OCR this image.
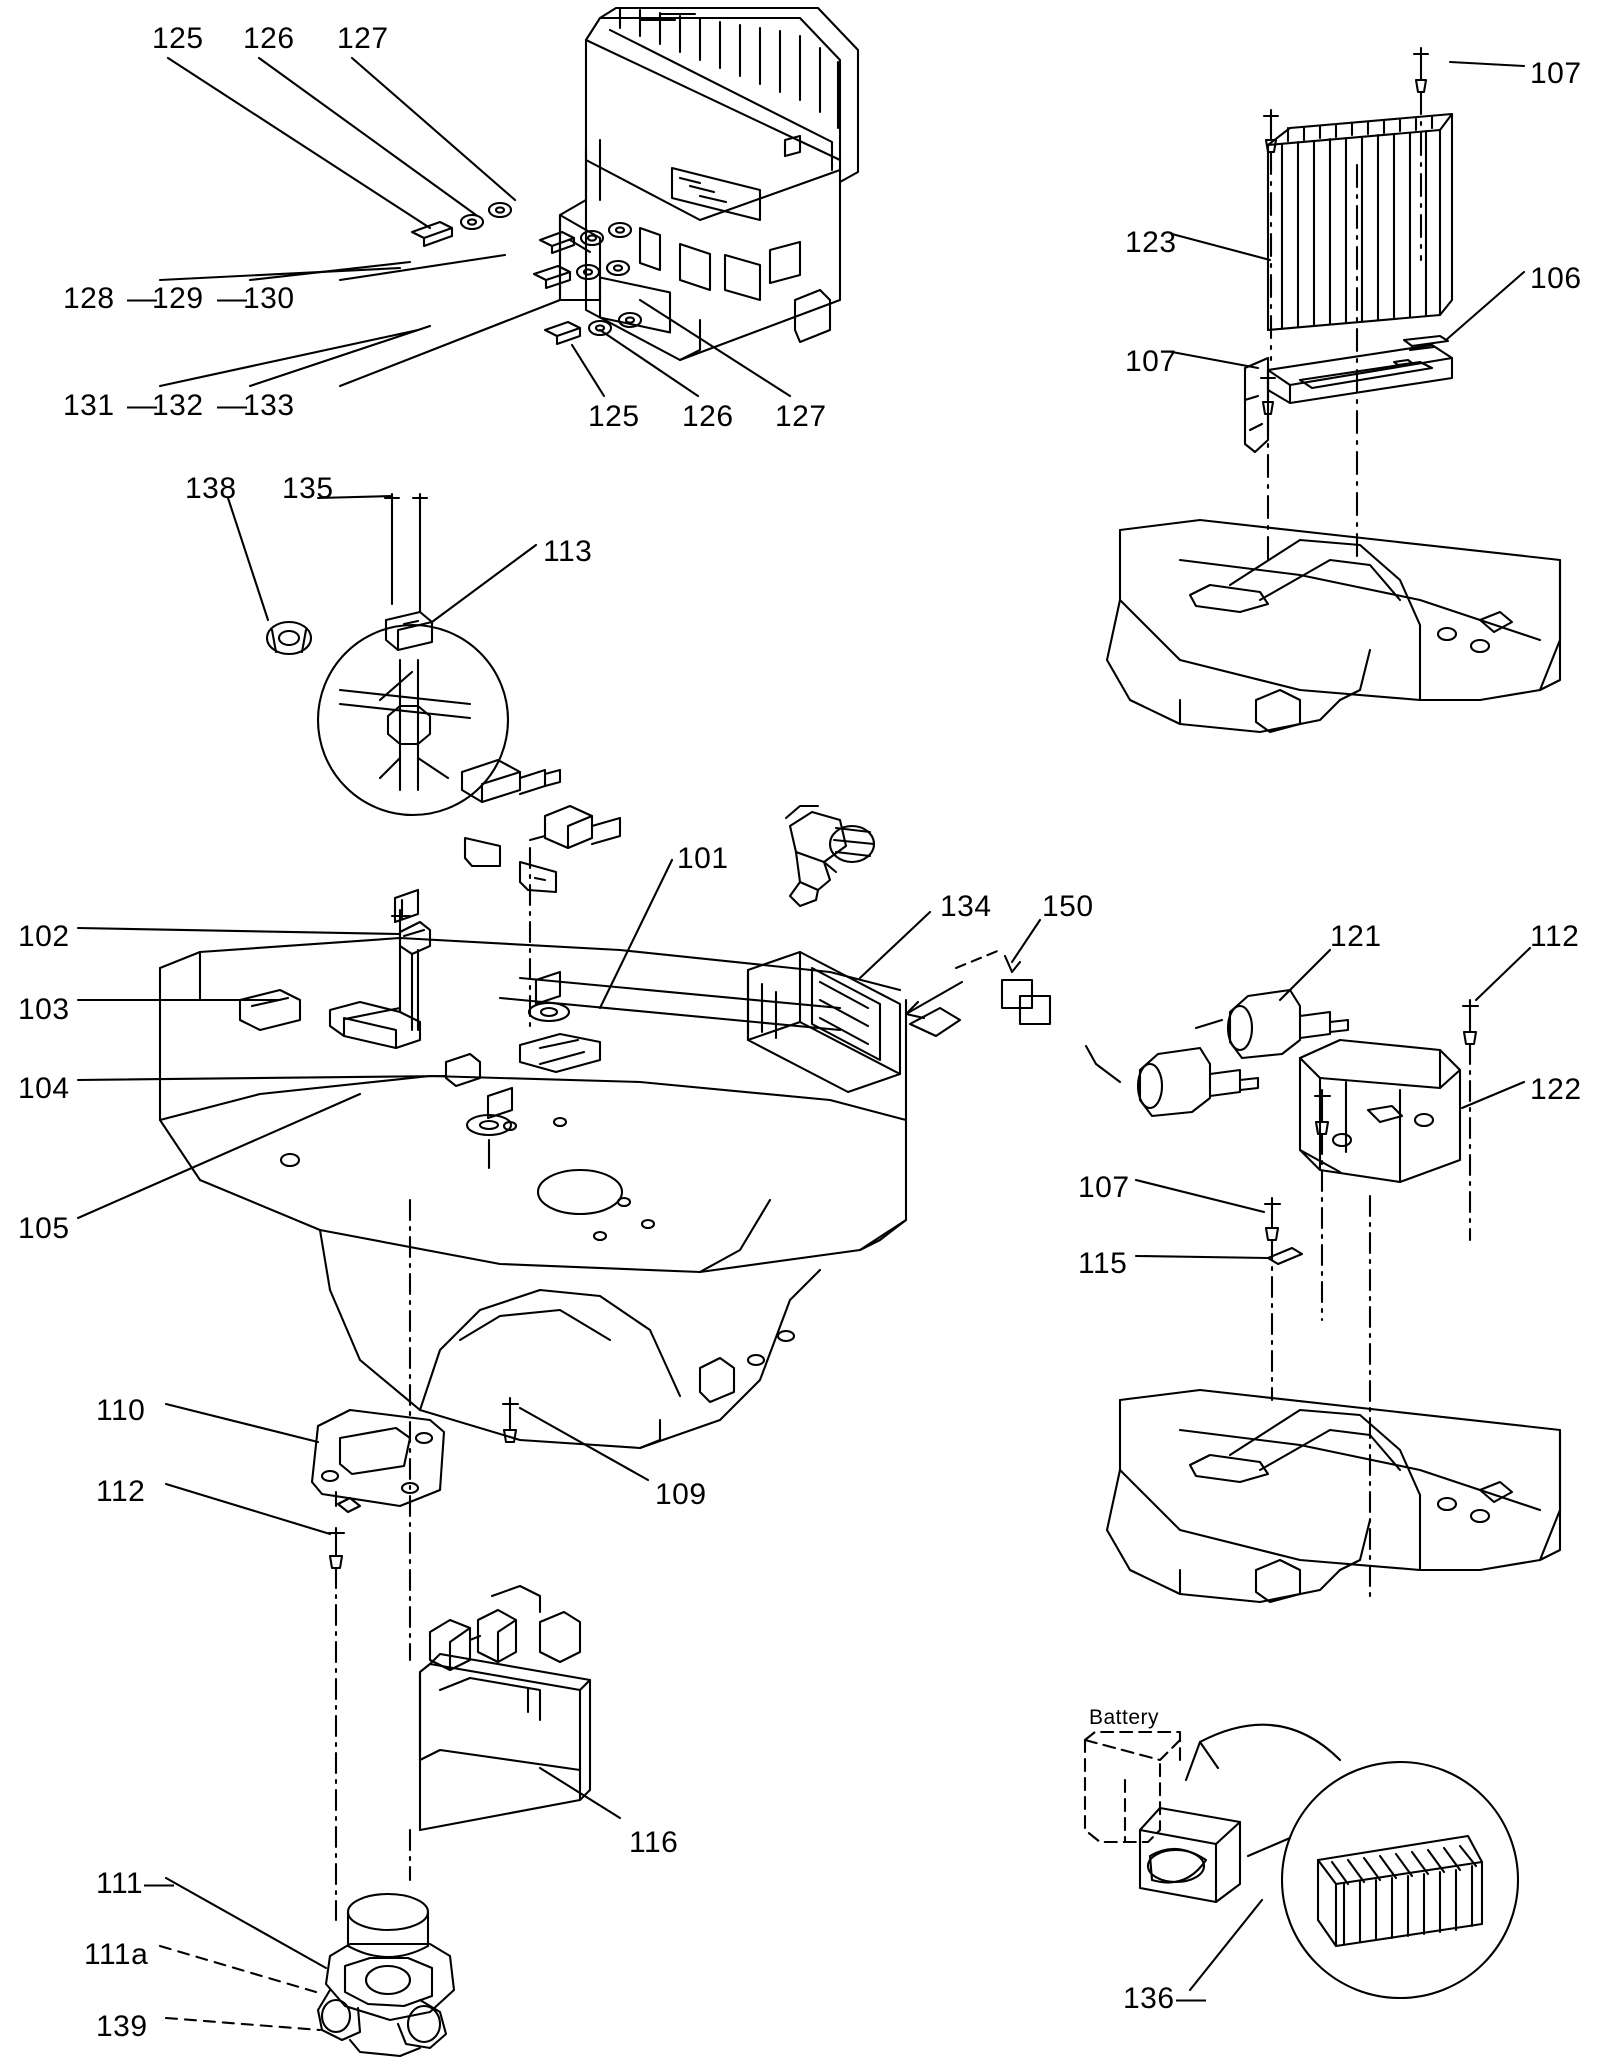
125 126 127
128 129 130
131 132 133	125 126 127
107
123
106
107
138 135
113
101
134 150
102
103
104
105
121	112
122
107
115
110
112	109
116
111
111a
139
136
Battery
— —
— —
—
—
